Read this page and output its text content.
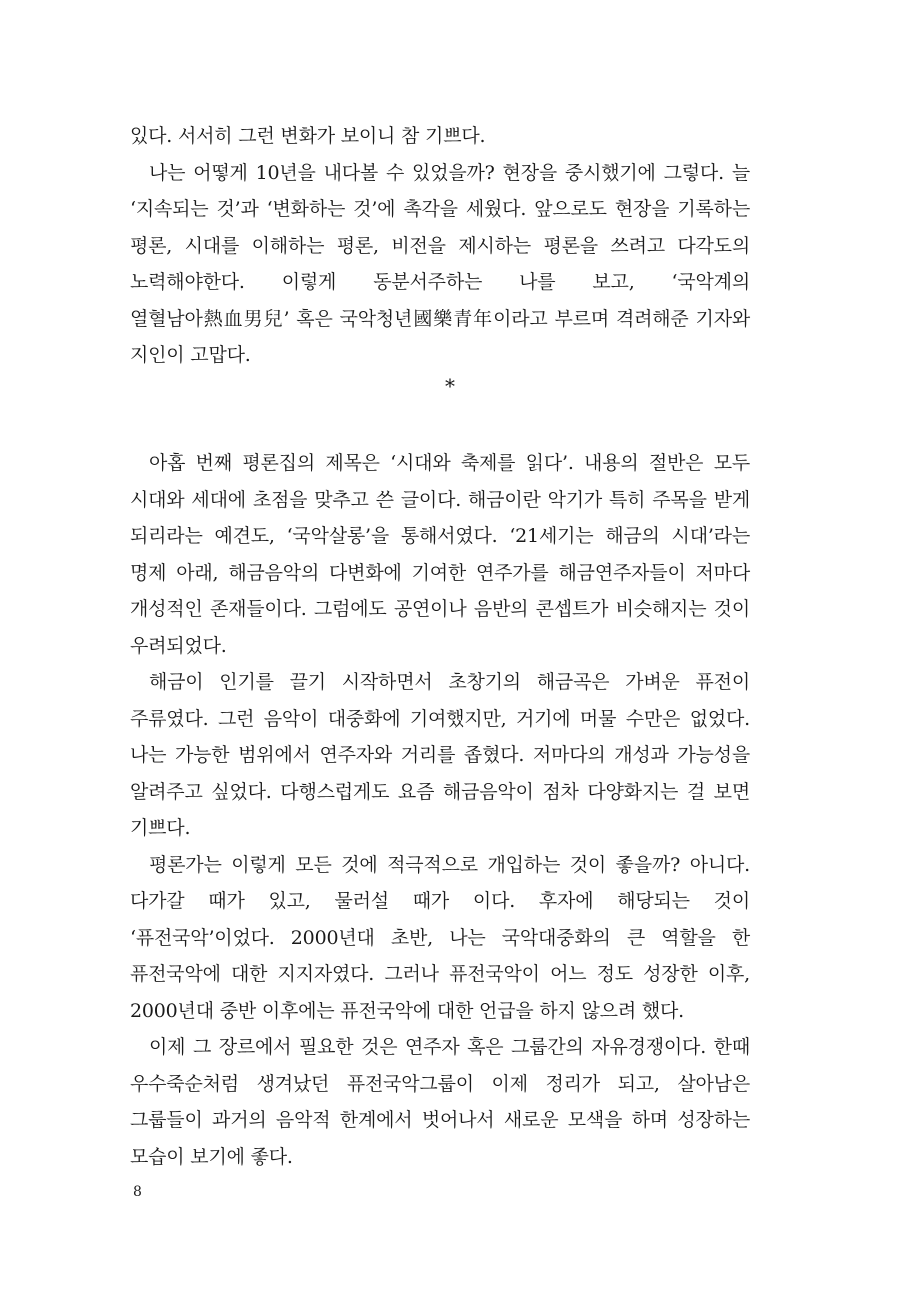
있다. 서서히 그런 변화가 보이니 참 기쁘다.

나는 어떻게 10년을 내다볼 수 있었을까? 현장을 중시했기에 그렇다. 늘 ‘지속되는 것’과 ‘변화하는 것’에 촉각을 세웠다. 앞으로도 현장을 기록하는 평론, 시대를 이해하는 평론, 비전을 제시하는 평론을 쓰려고 다각도의 노력해야한다. 이렇게 동분서주하는 나를 보고, ‘국악계의 열혈남아熱血男兒’ 혹은 국악청년國樂青年이라고 부르며 격려해준 기자와 지인이 고맙다.

*

아홉 번째 평론집의 제목은 ‘시대와 축제를 읽다’. 내용의 절반은 모두 시대와 세대에 초점을 맞추고 쓴 글이다. 해금이란 악기가 특히 주목을 받게 되리라는 예견도, ‘국악살롱’을 통해서였다. ‘21세기는 해금의 시대’라는 명제 아래, 해금음악의 다변화에 기여한 연주가를 해금연주자들이 저마다 개성적인 존재들이다. 그럼에도 공연이나 음반의 콘셉트가 비슷해지는 것이 우려되었다.

해금이 인기를 끌기 시작하면서 초창기의 해금곡은 가벼운 퓨전이 주류였다. 그런 음악이 대중화에 기여했지만, 거기에 머물 수만은 없었다. 나는 가능한 범위에서 연주자와 거리를 좁혔다. 저마다의 개성과 가능성을 알려주고 싶었다. 다행스럽게도 요즘 해금음악이 점차 다양화지는 걸 보면 기쁘다.

평론가는 이렇게 모든 것에 적극적으로 개입하는 것이 좋을까? 아니다. 다가갈 때가 있고, 물러설 때가 이다. 후자에 해당되는 것이 ‘퓨전국악’이었다. 2000년대 초반, 나는 국악대중화의 큰 역할을 한 퓨전국악에 대한 지지자였다. 그러나 퓨전국악이 어느 정도 성장한 이후, 2000년대 중반 이후에는 퓨전국악에 대한 언급을 하지 않으려 했다.

이제 그 장르에서 필요한 것은 연주자 혹은 그룹간의 자유경쟁이다. 한때 우수죽순처럼 생겨났던 퓨전국악그룹이 이제 정리가 되고, 살아남은 그룹들이 과거의 음악적 한계에서 벗어나서 새로운 모색을 하며 성장하는 모습이 보기에 좋다.

8
